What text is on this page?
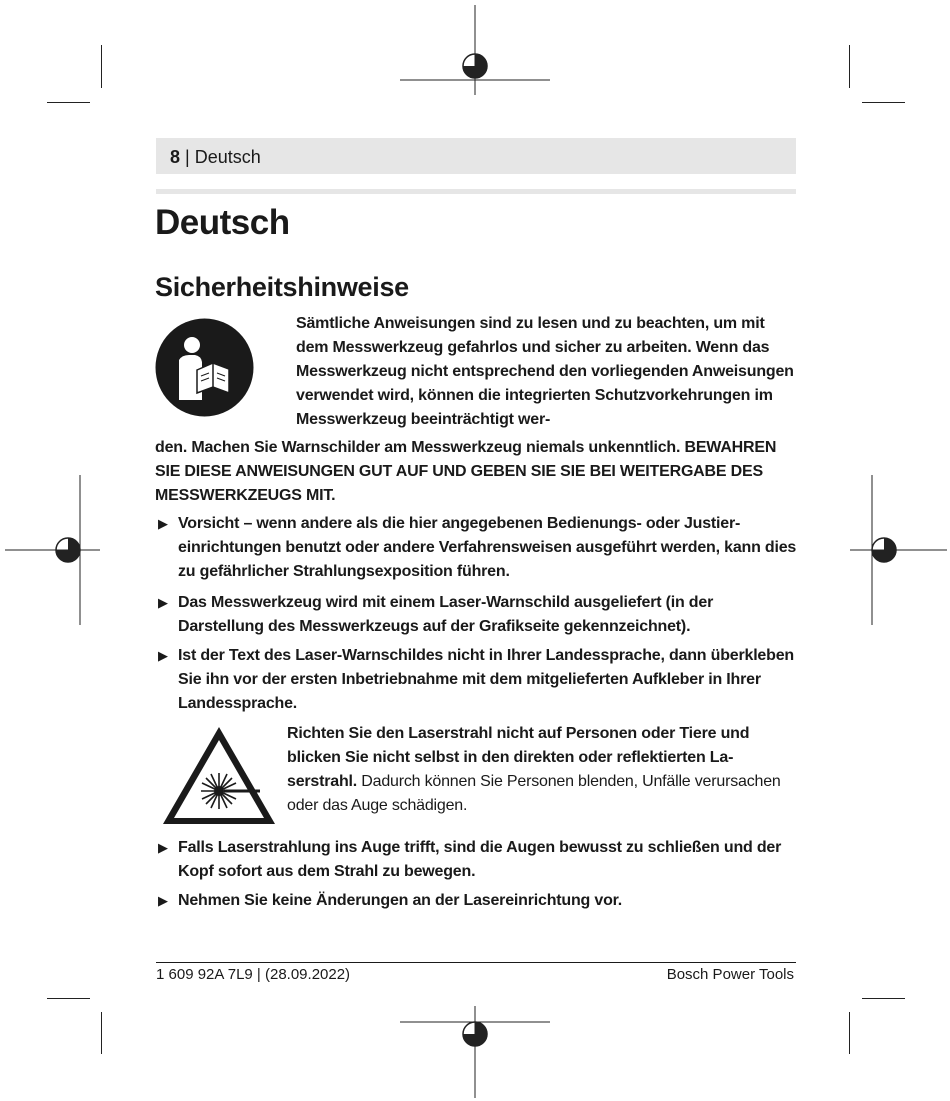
8 | Deutsch
Deutsch
Sicherheitshinweise

Sämtliche Anweisungen sind zu lesen und zu beachten, um mit dem Messwerkzeug gefahrlos und sicher zu arbeiten. Wenn das Messwerkzeug nicht entsprechend den vorliegenden Anweisungen verwendet wird, können die integrierten Schutzvorkehrungen im Messwerkzeug beeinträchtigt wer-

den. Machen Sie Warnschilder am Messwerkzeug niemals unkenntlich. BEWAHREN SIE DIESE ANWEISUNGEN GUT AUF UND GEBEN SIE SIE BEI WEITERGABE DES MESSWERKZEUGS MIT.

▶ Vorsicht – wenn andere als die hier angegebenen Bedienungs- oder Justiereinrichtungen benutzt oder andere Verfahrensweisen ausgeführt werden, kann dies zu gefährlicher Strahlungsexposition führen.
▶ Das Messwerkzeug wird mit einem Laser-Warnschild ausgeliefert (in der Darstellung des Messwerkzeugs auf der Grafikseite gekennzeichnet).
▶ Ist der Text des Laser-Warnschildes nicht in Ihrer Landessprache, dann überkleben Sie ihn vor der ersten Inbetriebnahme mit dem mitgelieferten Aufkleber in Ihrer Landessprache.

Richten Sie den Laserstrahl nicht auf Personen oder Tiere und blicken Sie nicht selbst in den direkten oder reflektierten Laserstrahl. Dadurch können Sie Personen blenden, Unfälle verursachen oder das Auge schädigen.

▶ Falls Laserstrahlung ins Auge trifft, sind die Augen bewusst zu schließen und der Kopf sofort aus dem Strahl zu bewegen.
▶ Nehmen Sie keine Änderungen an der Lasereinrichtung vor.
1 609 92A 7L9 | (28.09.2022)	Bosch Power Tools
